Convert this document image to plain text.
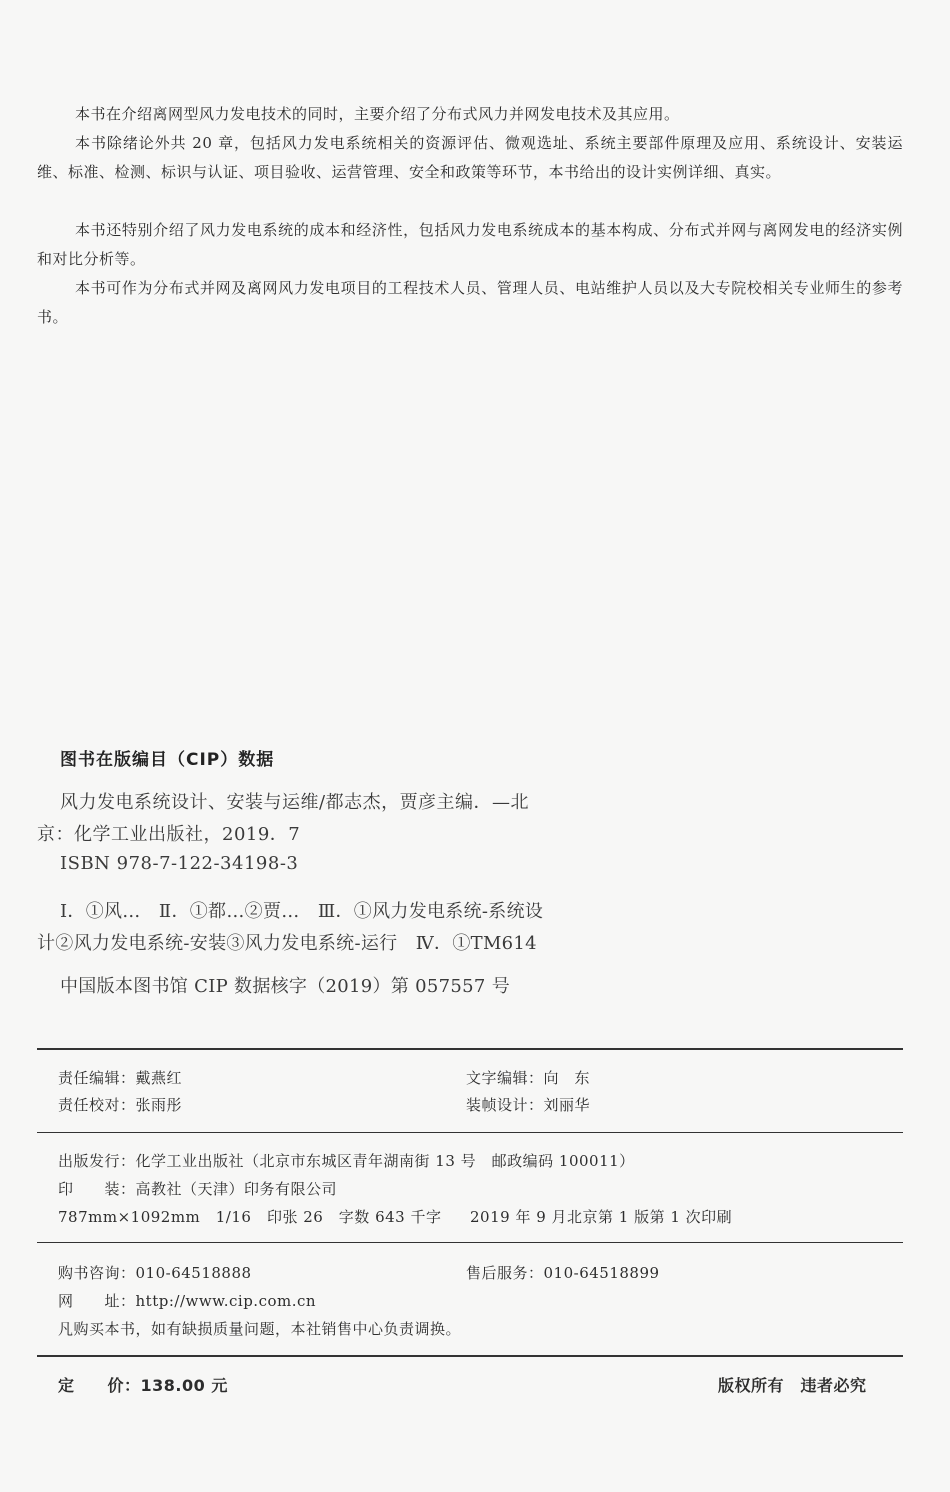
本书在介绍离网型风力发电技术的同时，主要介绍了分布式风力并网发电技术及其应用。

本书除绪论外共 20 章，包括风力发电系统相关的资源评估、微观选址、系统主要部件原理及应用、系统设计、安装运维、标准、检测、标识与认证、项目验收、运营管理、安全和政策等环节，本书给出的设计实例详细、真实。

本书还特别介绍了风力发电系统的成本和经济性，包括风力发电系统成本的基本构成、分布式并网与离网发电的经济实例和对比分析等。

本书可作为分布式并网及离网风力发电项目的工程技术人员、管理人员、电站维护人员以及大专院校相关专业师生的参考书。

图书在版编目（CIP）数据
风力发电系统设计、安装与运维/都志杰，贾彦主编．—北
京：化学工业出版社，2019．7
ISBN 978-7-122-34198-3
Ⅰ．①风…　Ⅱ．①都…②贾…　Ⅲ．①风力发电系统-系统设
计②风力发电系统-安装③风力发电系统-运行　Ⅳ．①TM614
中国版本图书馆 CIP 数据核字（2019）第 057557 号
责任编辑：戴燕红	文字编辑：向　东
责任校对：张雨彤	装帧设计：刘丽华
出版发行：化学工业出版社（北京市东城区青年湖南街 13 号　邮政编码 100011）
印　　装：高教社（天津）印务有限公司
787mm×1092mm　1/16　印张 26　字数 643 千字 2019 年 9 月北京第 1 版第 1 次印刷
购书咨询：010-64518888	售后服务：010-64518899
网　　址：http://www.cip.com.cn
凡购买本书，如有缺损质量问题，本社销售中心负责调换。
定　　价：138.00 元	版权所有　违者必究
